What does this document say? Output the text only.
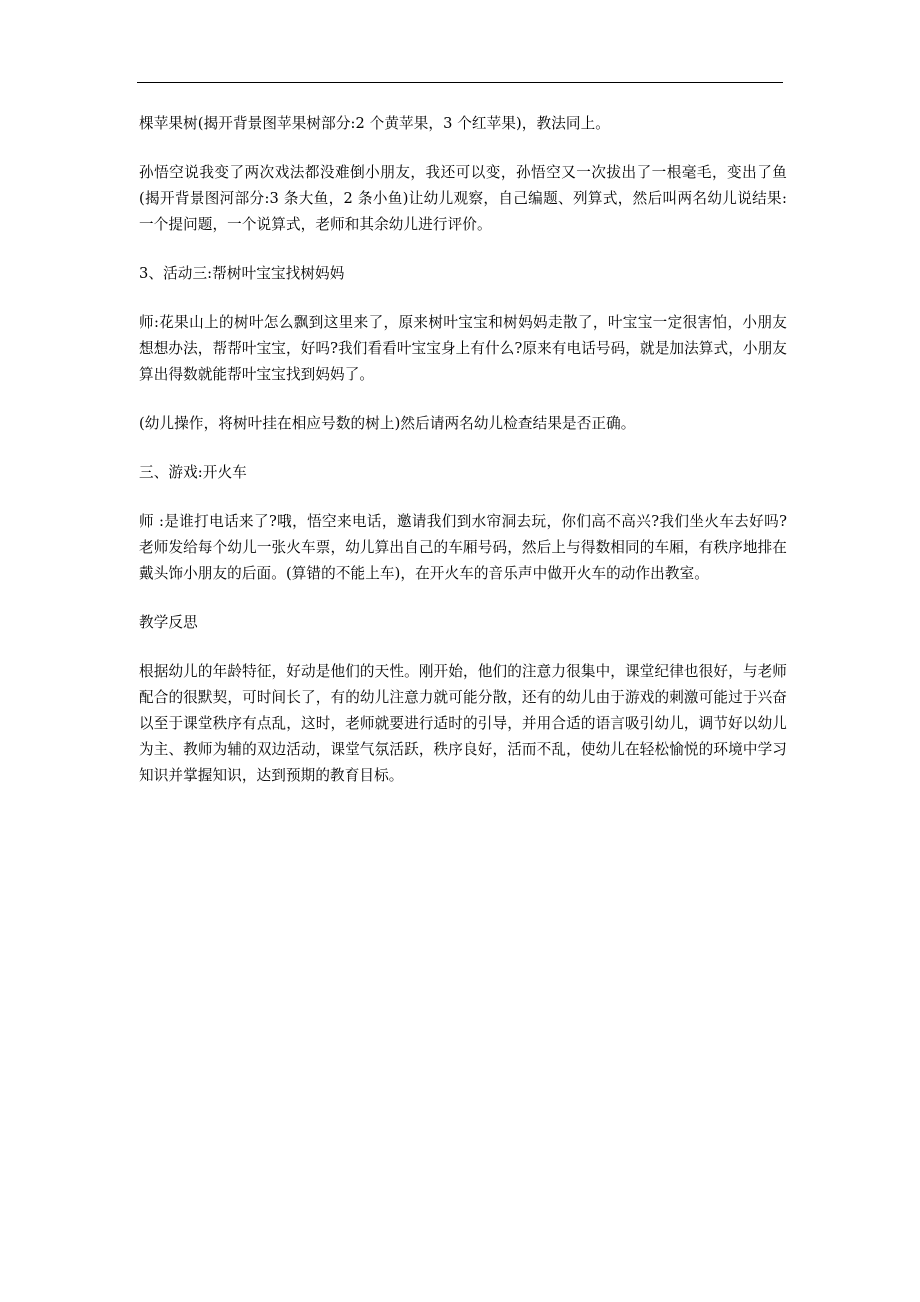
棵苹果树(揭开背景图苹果树部分:2 个黄苹果，3 个红苹果)，教法同上。

孙悟空说我变了两次戏法都没难倒小朋友，我还可以变，孙悟空又一次拔出了一根毫毛，变出了鱼(揭开背景图河部分:3 条大鱼，2 条小鱼)让幼儿观察，自己编题、列算式，然后叫两名幼儿说结果:一个提问题，一个说算式，老师和其余幼儿进行评价。

3、活动三:帮树叶宝宝找树妈妈

师:花果山上的树叶怎么飘到这里来了，原来树叶宝宝和树妈妈走散了，叶宝宝一定很害怕，小朋友想想办法，帮帮叶宝宝，好吗?我们看看叶宝宝身上有什么?原来有电话号码，就是加法算式，小朋友算出得数就能帮叶宝宝找到妈妈了。

(幼儿操作，将树叶挂在相应号数的树上)然后请两名幼儿检查结果是否正确。

三、游戏:开火车

师 :是谁打电话来了?哦，悟空来电话，邀请我们到水帘洞去玩，你们高不高兴?我们坐火车去好吗?老师发给每个幼儿一张火车票，幼儿算出自己的车厢号码，然后上与得数相同的车厢，有秩序地排在戴头饰小朋友的后面。(算错的不能上车)，在开火车的音乐声中做开火车的动作出教室。

教学反思

根据幼儿的年龄特征，好动是他们的天性。刚开始，他们的注意力很集中，课堂纪律也很好，与老师配合的很默契，可时间长了，有的幼儿注意力就可能分散，还有的幼儿由于游戏的刺激可能过于兴奋以至于课堂秩序有点乱，这时，老师就要进行适时的引导，并用合适的语言吸引幼儿，调节好以幼儿为主、教师为辅的双边活动，课堂气氛活跃，秩序良好，活而不乱，使幼儿在轻松愉悦的环境中学习知识并掌握知识，达到预期的教育目标。
